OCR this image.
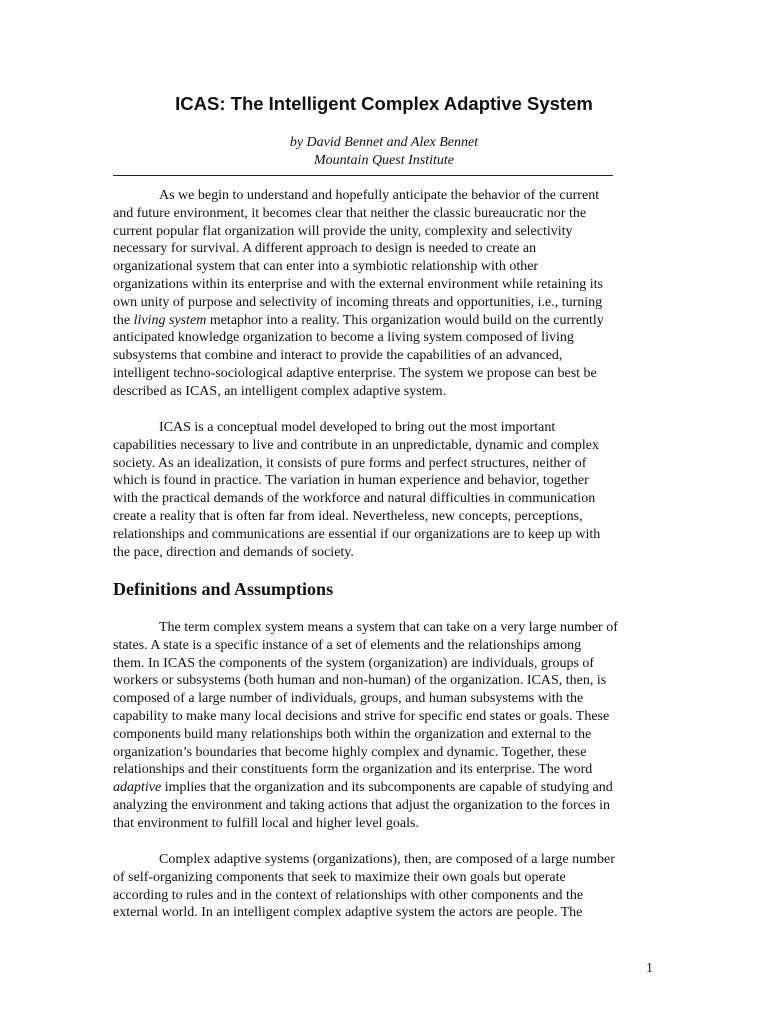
ICAS: The Intelligent Complex Adaptive System

by David Bennet and Alex Bennet

Mountain Quest Institute

As we begin to understand and hopefully anticipate the behavior of the current
and future environment, it becomes clear that neither the classic bureaucratic nor the
current popular flat organization will provide the unity, complexity and selectivity
necessary for survival. A different approach to design is needed to create an
organizational system that can enter into a symbiotic relationship with other
organizations within its enterprise and with the external environment while retaining its
own unity of purpose and selectivity of incoming threats and opportunities, i.e., turning
the living system metaphor into a reality. This organization would build on the currently
anticipated knowledge organization to become a living system composed of living
subsystems that combine and interact to provide the capabilities of an advanced,
intelligent techno-sociological adaptive enterprise. The system we propose can best be
described as ICAS, an intelligent complex adaptive system.

ICAS is a conceptual model developed to bring out the most important
capabilities necessary to live and contribute in an unpredictable, dynamic and complex
society. As an idealization, it consists of pure forms and perfect structures, neither of
which is found in practice. The variation in human experience and behavior, together
with the practical demands of the workforce and natural difficulties in communication
create a reality that is often far from ideal. Nevertheless, new concepts, perceptions,
relationships and communications are essential if our organizations are to keep up with
the pace, direction and demands of society.

Definitions and Assumptions

The term complex system means a system that can take on a very large number of
states. A state is a specific instance of a set of elements and the relationships among
them. In ICAS the components of the system (organization) are individuals, groups of
workers or subsystems (both human and non-human) of the organization. ICAS, then, is
composed of a large number of individuals, groups, and human subsystems with the
capability to make many local decisions and strive for specific end states or goals. These
components build many relationships both within the organization and external to the
organization’s boundaries that become highly complex and dynamic. Together, these
relationships and their constituents form the organization and its enterprise. The word
adaptive implies that the organization and its subcomponents are capable of studying and
analyzing the environment and taking actions that adjust the organization to the forces in
that environment to fulfill local and higher level goals.

Complex adaptive systems (organizations), then, are composed of a large number
of self-organizing components that seek to maximize their own goals but operate
according to rules and in the context of relationships with other components and the
external world. In an intelligent complex adaptive system the actors are people. The

1
